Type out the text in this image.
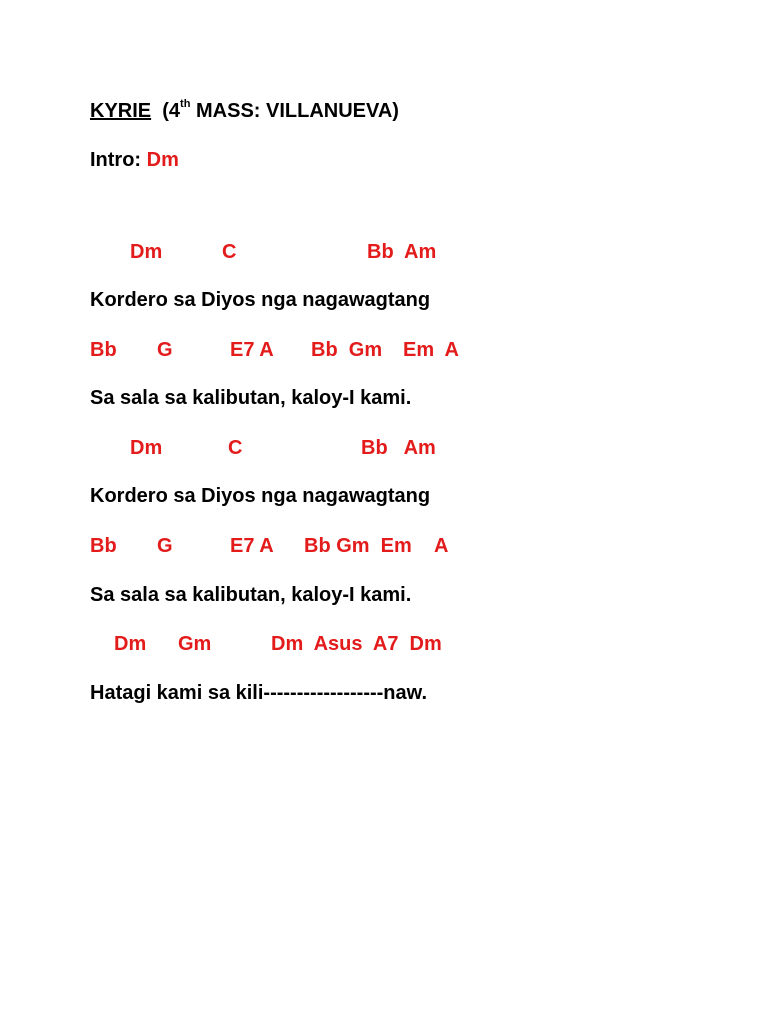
KYRIE (4th MASS: VILLANUEVA)
Intro: Dm
Dm	C	Bb  Am
Kordero sa Diyos nga nagawagtang
Bb G	E7 A Bb  Gm Em  A
Sa sala sa kalibutan, kaloy-I kami.
Dm	C	Bb   Am
Kordero sa Diyos nga nagawagtang
Bb G	E7 A Bb Gm  Em A
Sa sala sa kalibutan, kaloy-I kami.
Dm Gm	Dm  Asus  A7  Dm
Hatagi kami sa kili------------------naw.
